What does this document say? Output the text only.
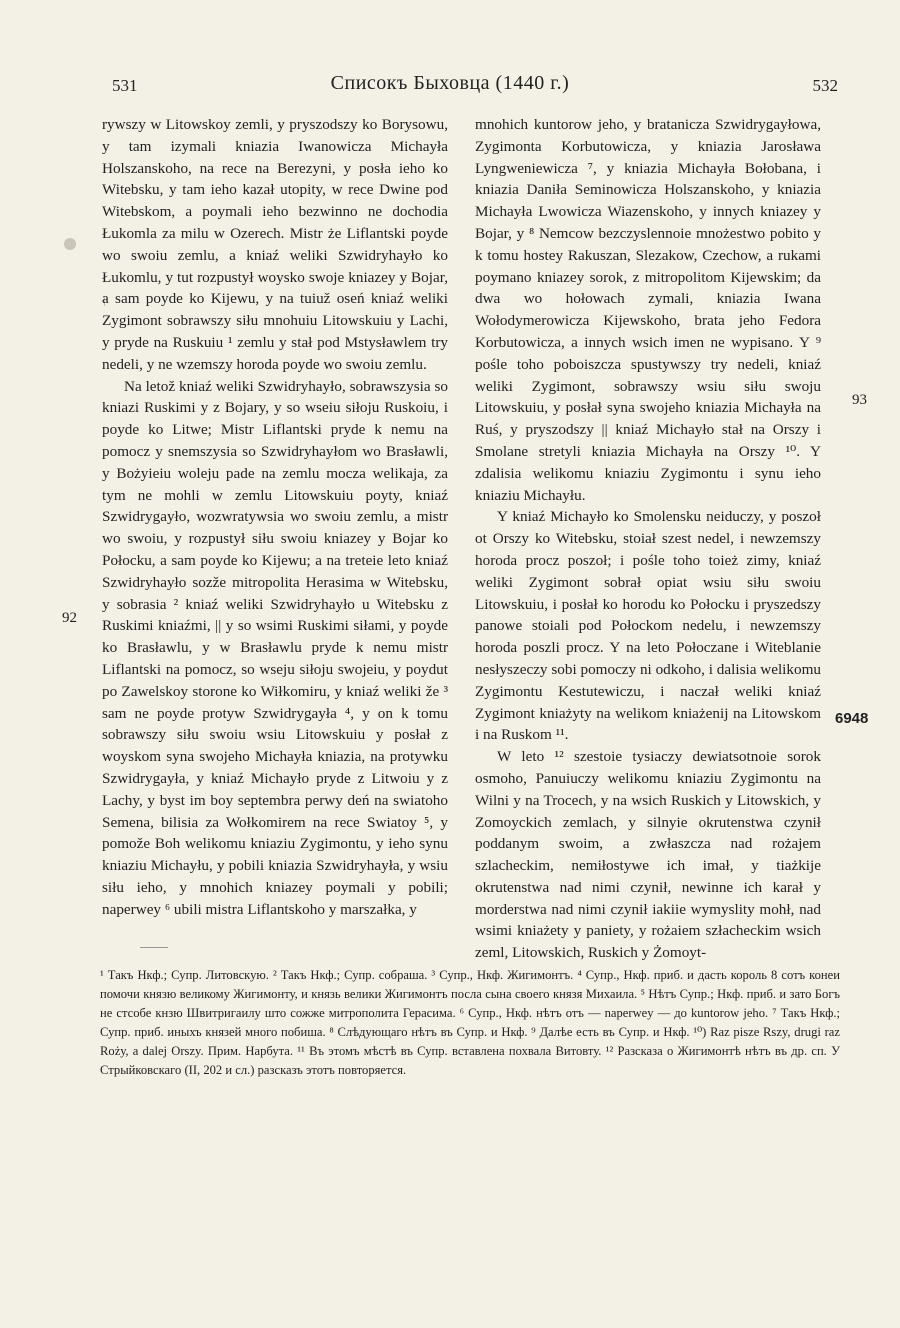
531	Списокъ Быховца (1440 г.)	532

rywszy w Litowskoy zemli, y pryszodszy ko Borysowu, y tam izymali kniazia Iwanowicza Michayła Holszanskoho, na rece na Berezyni, y posła ieho ko Witebsku, y tam ieho kazał utopity, w rece Dwine pod Witebskom, a poymali ieho bezwinno ne dochodia Łukomla za milu w Ozerech. Mistr że Liflantski poyde wo swoiu zemlu, a kniaź weliki Szwidryhayło ko Łukomlu, y tut rozpustył woysko swoje kniazey y Bojar, a sam poyde ko Kijewu, y na tuiuž oseń kniaź weliki Zygimont sobrawszy siłu mnohuiu Litowskuiu y Lachi, y pryde na Ruskuiu ¹ zemlu y stał pod Mstysławlem try nedeli, y ne wzemszy horoda poyde wo swoiu zemlu.

Na letož kniaź weliki Szwidryhayło, sobrawszysia so kniazi Ruskimi y z Bojary, y so wseiu siłoju Ruskoiu, i poyde ko Litwe; Mistr Liflantski pryde k nemu na pomocz y snemszysia so Szwidryhayłom wo Brasławli, y Bożyieiu woleju pade na zemlu mocza welikaja, za tym ne mohli w zemlu Litowskuiu poyty, kniaź Szwidrygayło, wozwratywsia wo swoiu zemlu, a mistr wo swoiu, y rozpustył siłu swoiu kniazey y Bojar ko Połocku, a sam poyde ko Kijewu; a na treteie leto kniaź Szwidryhayło sozže mitropolita Herasima w Witebsku, y sobrasia ² kniaź weliki Szwidryhayło u Witebsku z Ruskimi kniaźmi, || y so wsimi Ruskimi siłami, y poyde ko Brasławlu, y w Brasławlu pryde k nemu mistr Liflantski na pomocz, so wseju siłoju swojeiu, y poydut po Zawelskoy storone ko Wiłkomiru, y kniaź weliki že ³ sam ne poyde protyw Szwidrygayła ⁴, y on k tomu sobrawszy siłu swoiu wsiu Litowskuiu y posłał z woyskom syna swojeho Michayła kniazia, na protywku Szwidrygayła, y kniaź Michayło pryde z Litwoiu y z Lachy, y byst im boy septembra perwy deń na swiatoho Semena, bilisia za Wołkomirem na rece Swiatoy ⁵, y pomože Boh welikomu kniaziu Zygimontu, y ieho synu kniaziu Michayłu, y pobili kniazia Szwidryhayła, y wsiu siłu ieho, y mnohich kniazey poymali y pobili; naperwey ⁶ ubili mistra Liflantskoho y marszałka, y

mnohich kuntorow jeho, y bratanicza Szwidrygayłowa, Zygimonta Korbutowicza, y kniazia Jarosława Lyngweniewicza ⁷, y kniazia Michayła Bołobana, i kniazia Daniła Seminowicza Holszanskoho, y kniazia Michayła Lwowicza Wiazenskoho, y innych kniazey y Bojar, y ⁸ Nemcow bezczyslennoie mnożestwo pobito y k tomu hostey Rakuszan, Slezakow, Czechow, a rukami poymano kniazey sorok, z mitropolitom Kijewskim; da dwa wo hołowach zymali, kniazia Iwana Wołodymerowicza Kijewskoho, brata jeho Fedora Korbutowicza, a innych wsich imen ne wypisano. Y ⁹ pośle toho poboiszcza spustywszy try nedeli, kniaź weliki Zygimont, sobrawszy wsiu siłu swoju Litowskuiu, y posłał syna swojeho kniazia Michayła na Ruś, y pryszodszy || kniaź Michayło stał na Orszy i Smolane stretyli kniazia Michayła na Orszy ¹⁰. Y zdalisia welikomu kniaziu Zygimontu i synu ieho kniaziu Michayłu.

Y kniaź Michayło ko Smolensku neiduczy, y poszoł ot Orszy ko Witebsku, stoiał szest nedel, i newzemszy horoda procz poszoł; i pośle toho toież zimy, kniaź weliki Zygimont sobrał opiat wsiu siłu swoiu Litowskuiu, i posłał ko horodu ko Połocku i pryszedszy panowe stoiali pod Połockom nedelu, i newzemszy horoda poszli procz. Y na leto Połoczane i Witeblanie nesłyszeczy sobi pomoczy ni odkoho, i dalisia welikomu Zygimontu Kestutewiczu, i naczał weliki kniaź Zygimont kniażyty na welikom kniażenij na Litowskom i na Ruskom ¹¹.

W leto ¹² szestoie tysiaczy dewiatsotnoie sorok osmoho, Panuiuczy welikomu kniaziu Zygimontu na Wilni y na Trocech, y na wsich Ruskich y Litowskich, y Zomoyckich zemlach, y silnyie okrutenstwa czynił poddanym swoim, a zwłaszcza nad rożajem szlacheckim, nemiłostywe ich imał, y tiażkije okrutenstwa nad nimi czynił, newinne ich karał y morderstwa nad nimi czynił iakiie wymyslity mohł, nad wsimi kniażety y paniety, y rożaiem szłacheckim wsich zeml, Litowskich, Ruskich y Żomoyt-

92
93
6948

¹ Такъ Нкф.; Супр. Литовскую. ² Такъ Нкф.; Супр. собраша. ³ Супр., Нкф. Жигимонтъ. ⁴ Супр., Нкф. приб. и дасть король 8 сотъ конеи помочи князю великому Жигимонту, и князь велики Жигимонтъ посла сына своего князя Михаила. ⁵ Нѣтъ Супр.; Нкф. приб. и зато Богъ не стсобе кнзю Швитригаилу што сожже митрополита Герасима. ⁶ Супр., Нкф. нѣтъ отъ — naperwey — до kuntorow jeho. ⁷ Такъ Нкф.; Супр. приб. иныхъ князей много побиша. ⁸ Слѣдующаго нѣтъ въ Супр. и Нкф. ⁹ Далѣе есть въ Супр. и Нкф. ¹⁰) Raz pisze Rszy, drugi raz Rożу, a dalej Orszy. Прим. Нарбута. ¹¹ Въ этомъ мѣстѣ въ Супр. вставлена похвала Витовту. ¹² Разсказа о Жигимонтѣ нѣтъ въ др. сп. У Стрыйковскаго (II, 202 и сл.) разсказъ этотъ повторяется.
